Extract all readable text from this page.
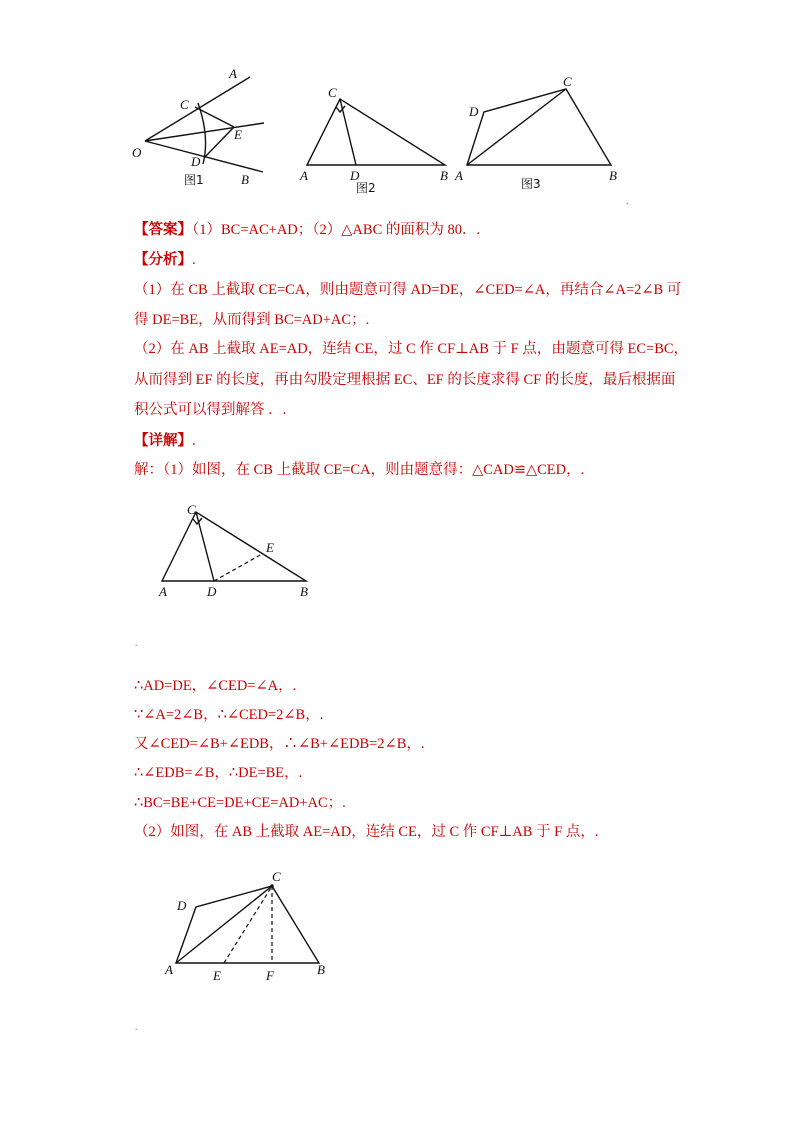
A
C
E
O
D
B
图1
C
A	D	B
图2
D
C
A	B
图3
.
【答案】（1）BC=AC+AD；（2）△ABC 的面积为 80．.
【分析】.
（1）在 CB 上截取 CE=CA，则由题意可得 AD=DE，∠CED=∠A，再结合∠A=2∠B 可
得 DE=BE，从而得到 BC=AD+AC；.
（2）在 AB 上截取 AE=AD，连结 CE，过 C 作 CF⊥AB 于 F 点，由题意可得 EC=BC，
从而得到 EF 的长度，再由勾股定理根据 EC、EF 的长度求得 CF 的长度，最后根据面
积公式可以得到解答 ．.
【详解】.
解：（1）如图，在 CB 上截取 CE=CA，则由题意得：△CAD≌△CED，.
C
E
A	D	B
.
∴AD=DE，∠CED=∠A，.
∵∠A=2∠B，∴∠CED=2∠B，.
又∠CED=∠B+∠EDB，∴∠B+∠EDB=2∠B，.
∴∠EDB=∠B，∴DE=BE，.
∴BC=BE+CE=DE+CE=AD+AC；.
（2）如图，在 AB 上截取 AE=AD，连结 CE，过 C 作 CF⊥AB 于 F 点，.
C
D
A	E	F	B
.
